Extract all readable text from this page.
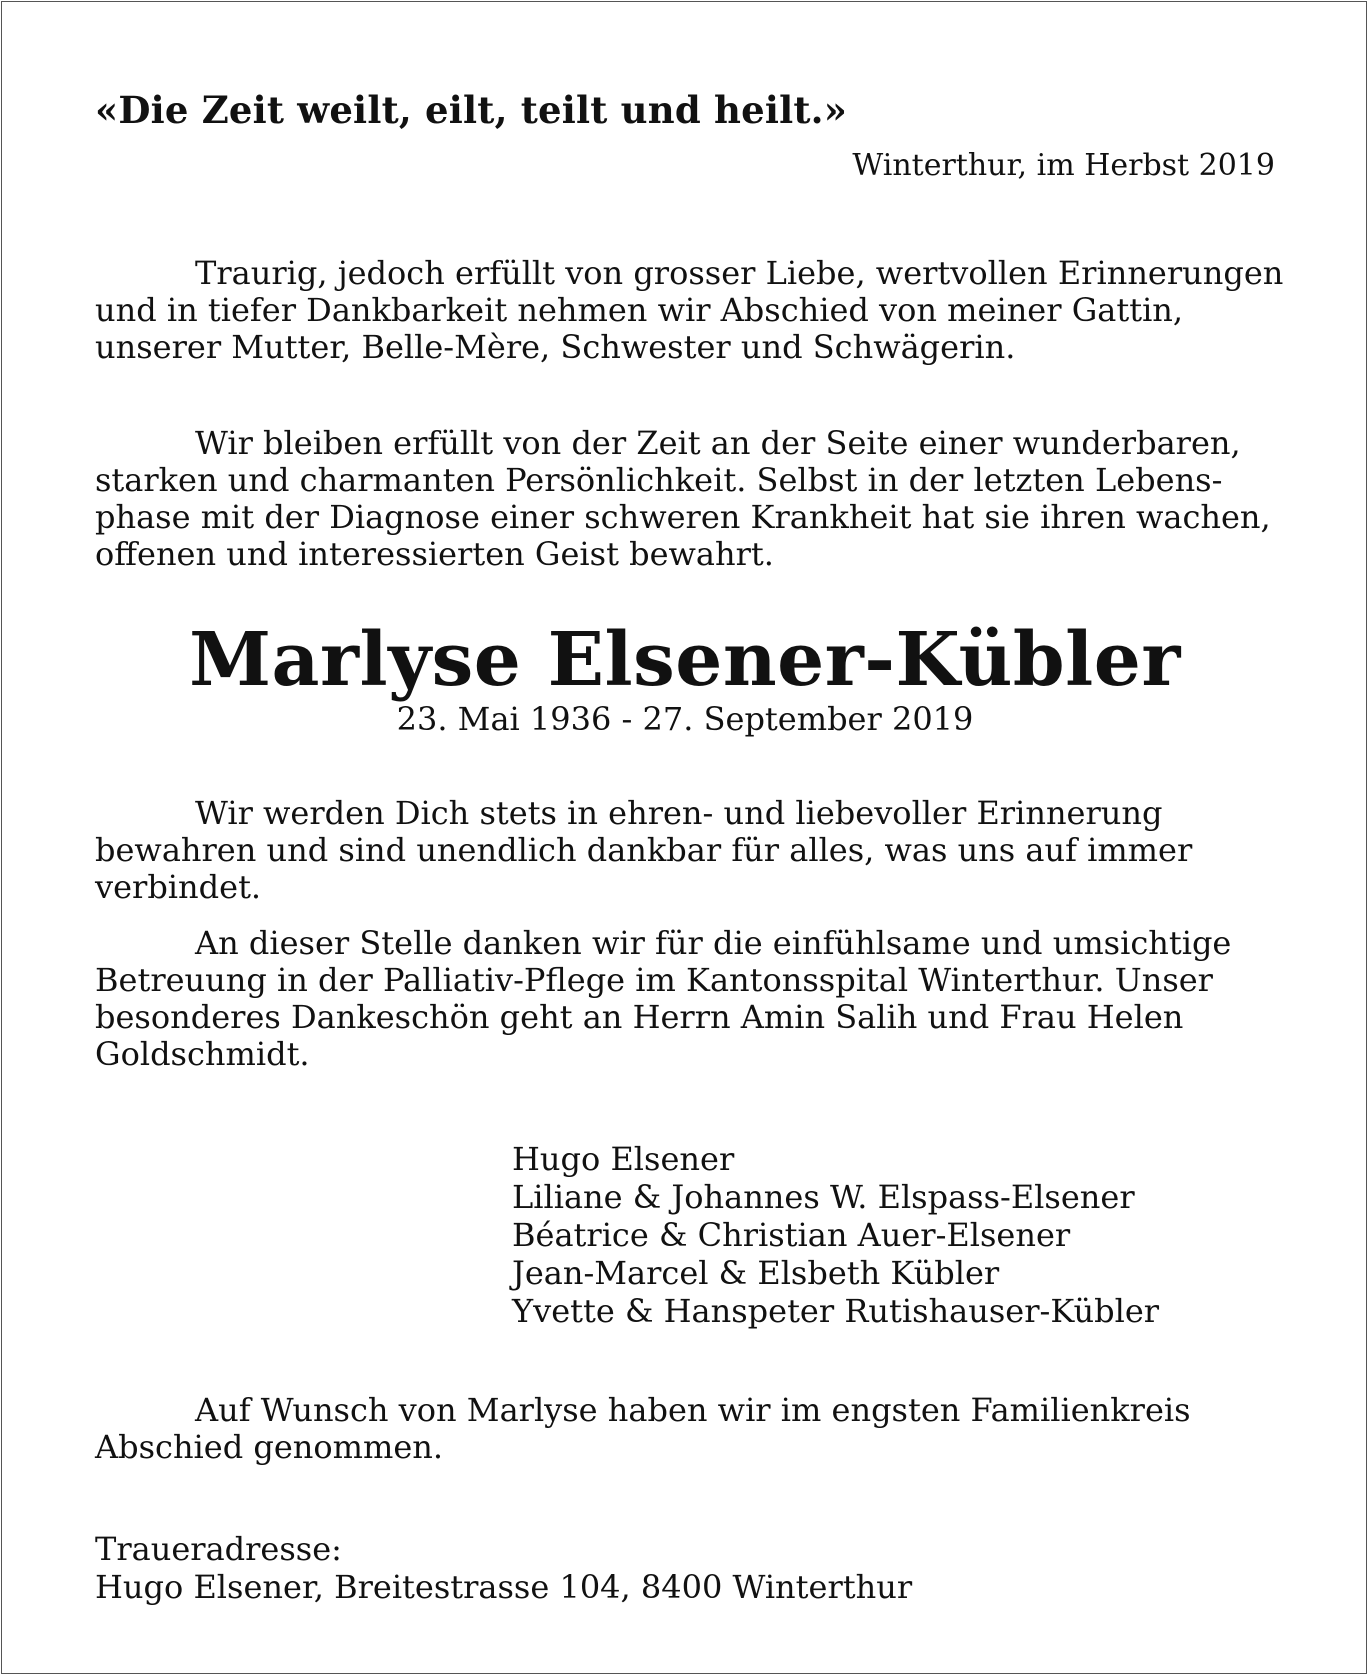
«Die Zeit weilt, eilt, teilt und heilt.»

Winterthur, im Herbst 2019

Traurig, jedoch erfüllt von grosser Liebe, wertvollen Erinnerungen und in tiefer Dankbarkeit nehmen wir Abschied von meiner Gattin, unserer Mutter, Belle-Mère, Schwester und Schwägerin.

Wir bleiben erfüllt von der Zeit an der Seite einer wunderbaren, starken und charmanten Persönlichkeit. Selbst in der letzten Lebensphase mit der Diagnose einer schweren Krankheit hat sie ihren wachen, offenen und interessierten Geist bewahrt.

Marlyse Elsener-Kübler
23. Mai 1936 - 27. September 2019

Wir werden Dich stets in ehren- und liebevoller Erinnerung bewahren und sind unendlich dankbar für alles, was uns auf immer verbindet.

An dieser Stelle danken wir für die einfühlsame und umsichtige Betreuung in der Palliativ-Pflege im Kantonsspital Winterthur. Unser besonderes Dankeschön geht an Herrn Amin Salih und Frau Helen Goldschmidt.

Hugo Elsener
Liliane & Johannes W. Elspass-Elsener
Béatrice & Christian Auer-Elsener
Jean-Marcel & Elsbeth Kübler
Yvette & Hanspeter Rutishauser-Kübler

Auf Wunsch von Marlyse haben wir im engsten Familienkreis Abschied genommen.

Traueradresse:
Hugo Elsener, Breitestrasse 104, 8400 Winterthur
